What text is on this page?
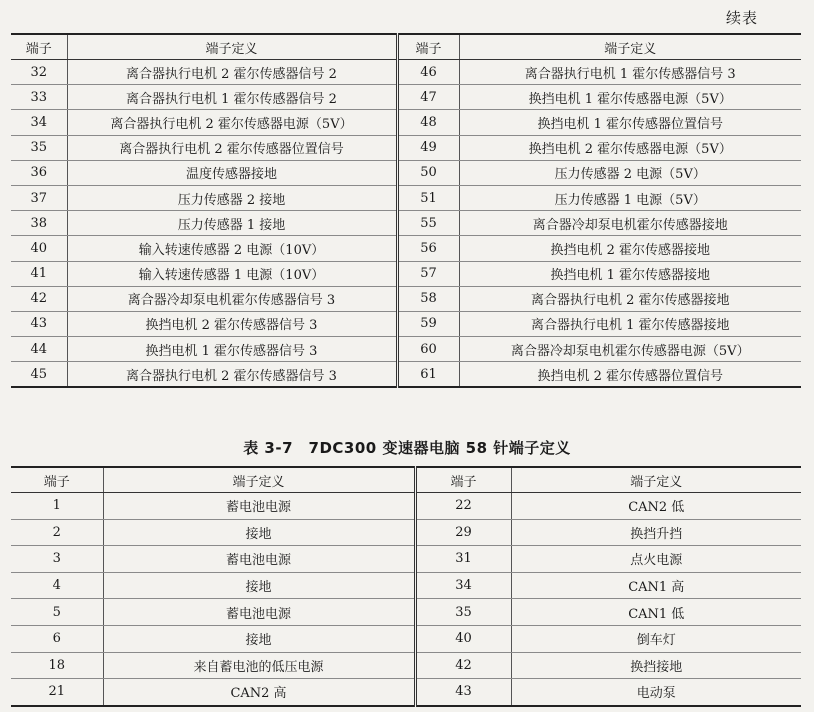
续表
端子	端子定义	端子	端子定义
32	离合器执行电机 2 霍尔传感器信号 2	46	离合器执行电机 1 霍尔传感器信号 3
33	离合器执行电机 1 霍尔传感器信号 2	47	换挡电机 1 霍尔传感器电源（5V）
34	离合器执行电机 2 霍尔传感器电源（5V）	48	换挡电机 1 霍尔传感器位置信号
35	离合器执行电机 2 霍尔传感器位置信号	49	换挡电机 2 霍尔传感器电源（5V）
36	温度传感器接地	50	压力传感器 2 电源（5V）
37	压力传感器 2 接地	51	压力传感器 1 电源（5V）
38	压力传感器 1 接地	55	离合器冷却泵电机霍尔传感器接地
40	输入转速传感器 2 电源（10V）	56	换挡电机 2 霍尔传感器接地
41	输入转速传感器 1 电源（10V）	57	换挡电机 1 霍尔传感器接地
42	离合器冷却泵电机霍尔传感器信号 3	58	离合器执行电机 2 霍尔传感器接地
43	换挡电机 2 霍尔传感器信号 3	59	离合器执行电机 1 霍尔传感器接地
44	换挡电机 1 霍尔传感器信号 3	60	离合器冷却泵电机霍尔传感器电源（5V）
45	离合器执行电机 2 霍尔传感器信号 3	61	换挡电机 2 霍尔传感器位置信号
表 3-7　7DC300 变速器电脑 58 针端子定义
端子	端子定义	端子	端子定义
1	蓄电池电源	22	CAN2 低
2	接地	29	换挡升挡
3	蓄电池电源	31	点火电源
4	接地	34	CAN1 高
5	蓄电池电源	35	CAN1 低
6	接地	40	倒车灯
18	来自蓄电池的低压电源	42	换挡接地
21	CAN2 高	43	电动泵
